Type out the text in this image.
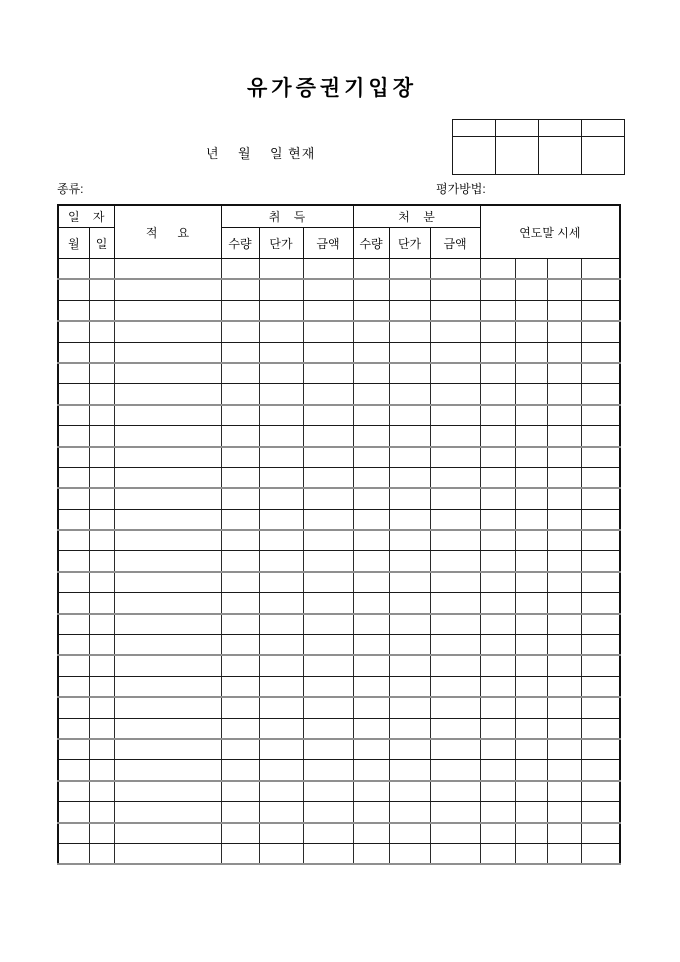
유가증권기입장
년    월    일 현재

종류:	평가방법:
일    자		적      요	취    득			처    분			연도말 시세			
월	일		수량	단가	금액	수량	단가	금액				
